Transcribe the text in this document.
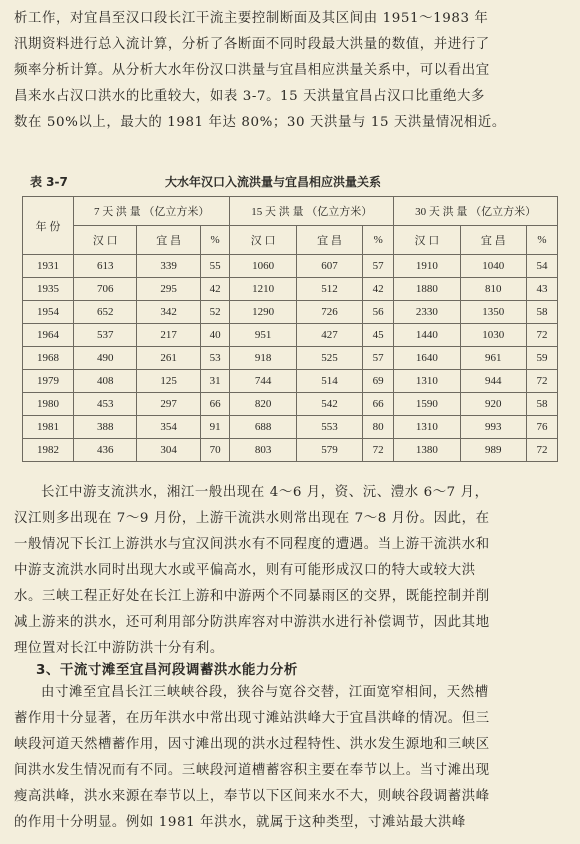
析工作，对宜昌至汉口段长江干流主要控制断面及其区间由 1951～1983 年

汛期资料进行总入流计算，分析了各断面不同时段最大洪量的数值，并进行了

频率分析计算。从分析大水年份汉口洪量与宜昌相应洪量关系中，可以看出宜

昌来水占汉口洪水的比重较大，如表 3-7。15 天洪量宜昌占汉口比重绝大多

数在 50%以上，最大的 1981 年达 80%；30 天洪量与 15 天洪量情况相近。

表 3-7	大水年汉口入流洪量与宜昌相应洪量关系
年 份	7 天 洪 量 （亿立方米）			15 天 洪 量 （亿立方米）			30 天 洪 量 （亿立方米）		
	汉 口	宜 昌	%	汉 口	宜 昌	%	汉 口	宜 昌	%
1931	613	339	55	1060	607	57	1910	1040	54
1935	706	295	42	1210	512	42	1880	810	43
1954	652	342	52	1290	726	56	2330	1350	58
1964	537	217	40	951	427	45	1440	1030	72
1968	490	261	53	918	525	57	1640	961	59
1979	408	125	31	744	514	69	1310	944	72
1980	453	297	66	820	542	66	1590	920	58
1981	388	354	91	688	553	80	1310	993	76
1982	436	304	70	803	579	72	1380	989	72

长江中游支流洪水，湘江一般出现在 4～6 月，资、沅、澧水 6～7 月，

汉江则多出现在 7～9 月份，上游干流洪水则常出现在 7～8 月份。因此，在

一般情况下长江上游洪水与宜汉间洪水有不同程度的遭遇。当上游干流洪水和

中游支流洪水同时出现大水或平偏高水，则有可能形成汉口的特大或较大洪

水。三峡工程正好处在长江上游和中游两个不同暴雨区的交界，既能控制并削

减上游来的洪水，还可利用部分防洪库容对中游洪水进行补偿调节，因此其地

理位置对长江中游防洪十分有利。

3、干流寸滩至宜昌河段调蓄洪水能力分析

由寸滩至宜昌长江三峡峡谷段，狭谷与宽谷交替，江面宽窄相间，天然槽

蓄作用十分显著，在历年洪水中常出现寸滩站洪峰大于宜昌洪峰的情况。但三

峡段河道天然槽蓄作用，因寸滩出现的洪水过程特性、洪水发生源地和三峡区

间洪水发生情况而有不同。三峡段河道槽蓄容积主要在奉节以上。当寸滩出现

瘦高洪峰，洪水来源在奉节以上，奉节以下区间来水不大，则峡谷段调蓄洪峰

的作用十分明显。例如 1981 年洪水，就属于这种类型，寸滩站最大洪峰
